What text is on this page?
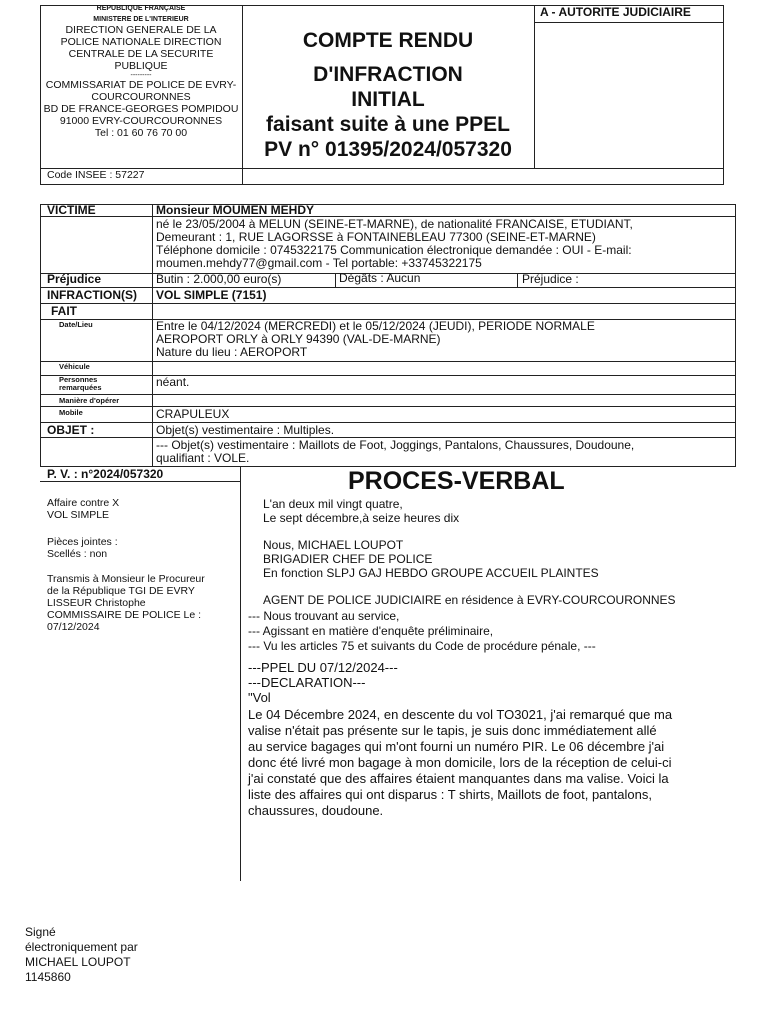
REPUBLIQUE FRANÇAISE
MINISTERE DE L'INTERIEUR
DIRECTION GENERALE DE LA
POLICE NATIONALE DIRECTION
CENTRALE DE LA SECURITE
PUBLIQUE
---------
COMMISSARIAT DE POLICE DE EVRY-
COURCOURONNES
BD DE FRANCE-GEORGES POMPIDOU
91000 EVRY-COURCOURONNES
Tel : 01 60 76 70 00
COMPTE RENDU
D'INFRACTION
INITIAL
faisant suite à une PPEL
PV n° 01395/2024/057320
A - AUTORITE JUDICIAIRE
Code INSEE : 57227
VICTIME	Monsieur MOUMEN MEHDY
né le 23/05/2004 à MELUN (SEINE-ET-MARNE), de nationalité FRANCAISE, ETUDIANT,
Demeurant : 1, RUE LAGORSSE à FONTAINEBLEAU 77300 (SEINE-ET-MARNE)
Téléphone domicile : 0745322175 Communication électronique demandée : OUI - E-mail:
moumen.mehdy77@gmail.com - Tel portable: +33745322175
Préjudice	Butin : 2.000,00 euro(s)	Dégâts : Aucun	Préjudice :
INFRACTION(S) VOL SIMPLE (7151)
FAIT
Date/Lieu	Entre le 04/12/2024 (MERCREDI) et le 05/12/2024 (JEUDI), PERIODE NORMALE
AEROPORT ORLY à ORLY 94390 (VAL-DE-MARNE)
Nature du lieu : AEROPORT
Véhicule
Personnes
remarquées	néant.
Manière d'opérer
Mobile	CRAPULEUX
OBJET :	Objet(s) vestimentaire : Multiples.
--- Objet(s) vestimentaire : Maillots de Foot, Joggings, Pantalons, Chaussures, Doudoune,
qualifiant : VOLE.
P. V. : n°2024/057320
Affaire contre X
VOL SIMPLE
Pièces jointes :
Scellés : non
Transmis à Monsieur le Procureur
de la République TGI DE EVRY
LISSEUR Christophe
COMMISSAIRE DE POLICE Le :
07/12/2024
PROCES-VERBAL
L'an deux mil vingt quatre,
Le sept décembre,à seize heures dix
Nous, MICHAEL LOUPOT
BRIGADIER CHEF DE POLICE
En fonction SLPJ GAJ HEBDO GROUPE ACCUEIL PLAINTES
AGENT DE POLICE JUDICIAIRE en résidence à EVRY-COURCOURONNES
--- Nous trouvant au service,
--- Agissant en matière d'enquête préliminaire,
--- Vu les articles 75 et suivants du Code de procédure pénale, ---
---PPEL DU 07/12/2024---
---DECLARATION---
"Vol
Le 04 Décembre 2024, en descente du vol TO3021, j'ai remarqué que ma
valise n'était pas présente sur le tapis, je suis donc immédiatement allé
au service bagages qui m'ont fourni un numéro PIR. Le 06 décembre j'ai
donc été livré mon bagage à mon domicile, lors de la réception de celui-ci
j'ai constaté que des affaires étaient manquantes dans ma valise. Voici la
liste des affaires qui ont disparus : T shirts, Maillots de foot, pantalons,
chaussures, doudoune.
Signé
électroniquement par
MICHAEL LOUPOT
1145860
